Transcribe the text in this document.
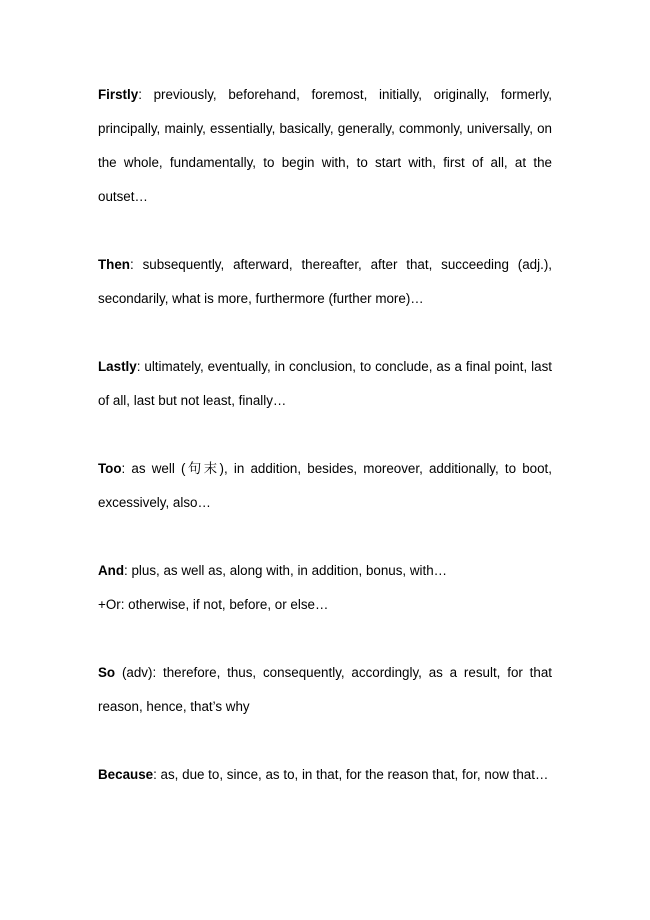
Firstly: previously, beforehand, foremost, initially, originally, formerly, principally, mainly, essentially, basically, generally, commonly, universally, on the whole, fundamentally, to begin with, to start with, first of all, at the outset…

Then: subsequently, afterward, thereafter, after that, succeeding (adj.), secondarily, what is more, furthermore (further more)…

Lastly: ultimately, eventually, in conclusion, to conclude, as a final point, last of all, last but not least, finally…

Too: as well (句末), in addition, besides, moreover, additionally, to boot, excessively, also…

And: plus, as well as, along with, in addition, bonus, with…

+Or: otherwise, if not, before, or else…

So (adv): therefore, thus, consequently, accordingly, as a result, for that reason, hence, that’s why

Because: as, due to, since, as to, in that, for the reason that, for, now that…
